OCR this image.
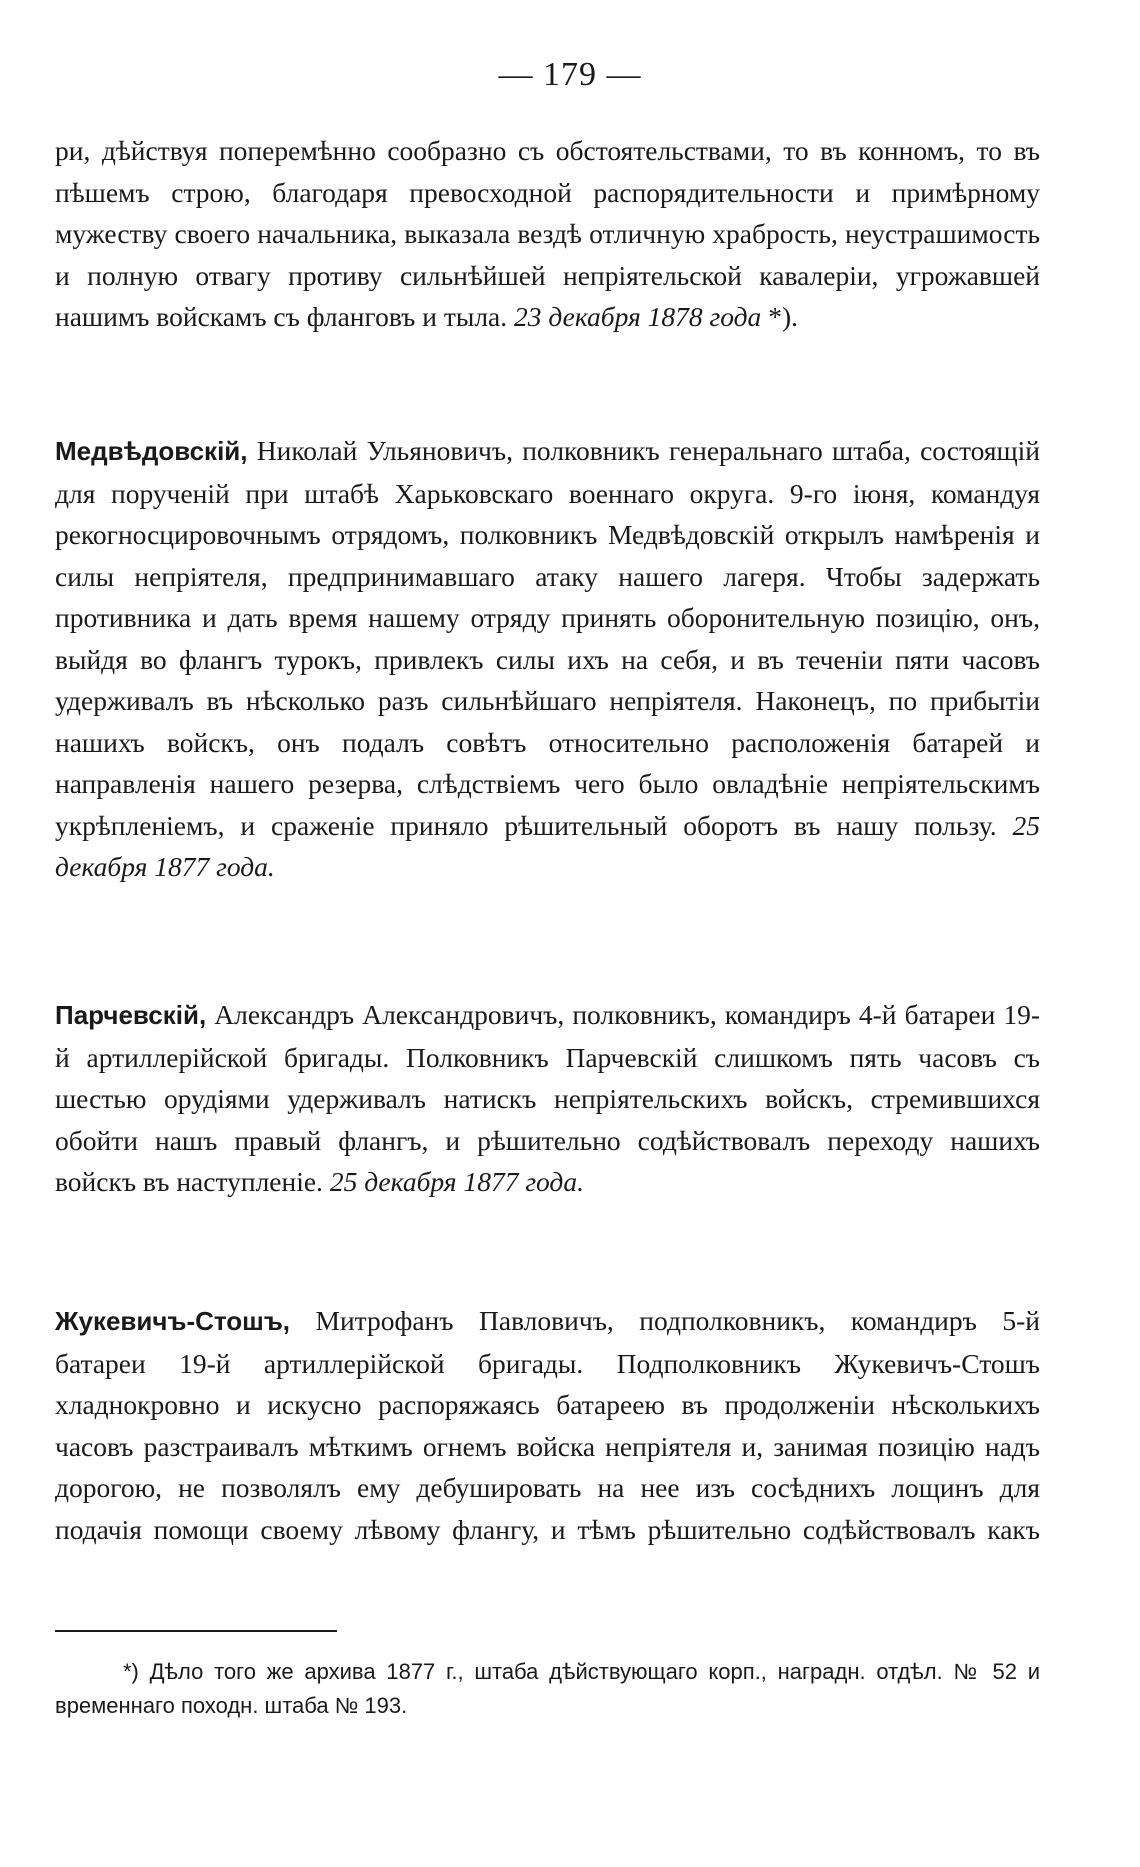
— 179 —

ри, дѣйствуя поперемѣнно сообразно съ обстоятельствами, то въ конномъ, то въ пѣшемъ строю, благодаря превосходной распорядительности и примѣрному мужеству своего начальника, выказала вездѣ отличную храбрость, неустрашимость и полную отвагу противу сильнѣйшей непріятельской кавалеріи, угрожавшей нашимъ войскамъ съ фланговъ и тыла. 23 декабря 1878 года *).

Медвѣдовскій, Николай Ульяновичъ, полковникъ генеральнаго штаба, состоящій для порученій при штабѣ Харьковскаго военнаго округа. 9-го іюня, командуя рекогносцировочнымъ отрядомъ, полковникъ Медвѣдовскій открылъ намѣренія и силы непріятеля, предпринимавшаго атаку нашего лагеря. Чтобы задержать противника и дать время нашему отряду принять оборонительную позицію, онъ, выйдя во флангъ турокъ, привлекъ силы ихъ на себя, и въ теченіи пяти часовъ удерживалъ въ нѣсколько разъ сильнѣйшаго непріятеля. Наконецъ, по прибытіи нашихъ войскъ, онъ подалъ совѣтъ относительно расположенія батарей и направленія нашего резерва, слѣдствіемъ чего было овладѣніе непріятельскимъ укрѣпленіемъ, и сраженіе приняло рѣшительный оборотъ въ нашу пользу. 25 декабря 1877 года.

Парчевскій, Александръ Александровичъ, полковникъ, командиръ 4-й батареи 19-й артиллерійской бригады. Полковникъ Парчевскій слишкомъ пять часовъ съ шестью орудіями удерживалъ натискъ непріятельскихъ войскъ, стремившихся обойти нашъ правый флангъ, и рѣшительно содѣйствовалъ переходу нашихъ войскъ въ наступленіе. 25 декабря 1877 года.

Жукевичъ-Стошъ, Митрофанъ Павловичъ, подполковникъ, командиръ 5-й батареи 19-й артиллерійской бригады. Подполковникъ Жукевичъ-Стошъ хладнокровно и искусно распоряжаясь батареею въ продолженіи нѣсколькихъ часовъ разстраивалъ мѣткимъ огнемъ войска непріятеля и, занимая позицію надъ дорогою, не позволялъ ему дебушировать на нее изъ сосѣднихъ лощинъ для подачія помощи своему лѣвому флангу, и тѣмъ рѣшительно содѣйствовалъ какъ

*) Дѣло того же архива 1877 г., штаба дѣйствующаго корп., наградн. отдѣл. № 52 и временнаго походн. штаба № 193.
